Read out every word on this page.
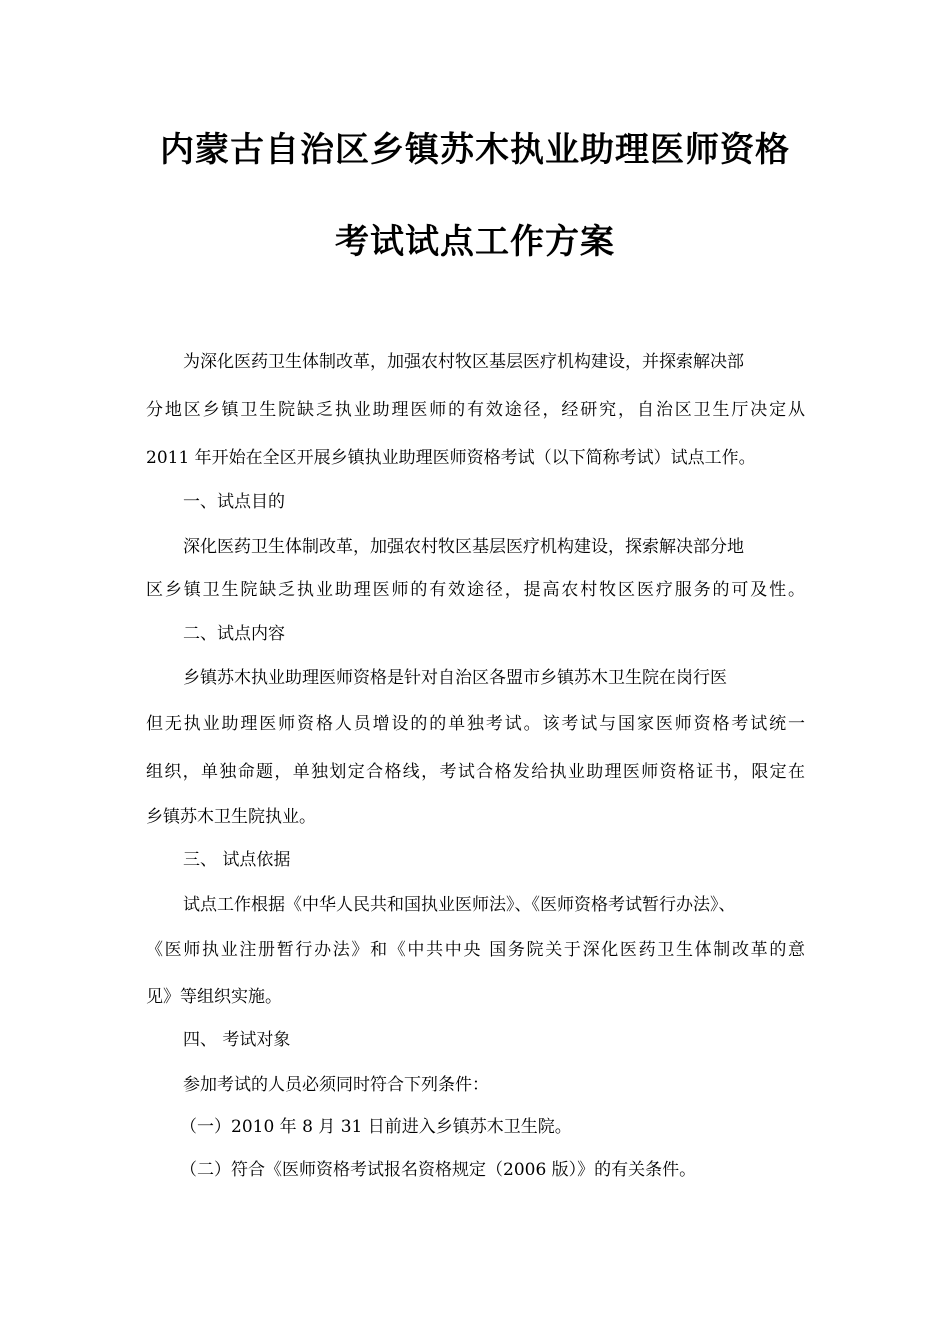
内蒙古自治区乡镇苏木执业助理医师资格
考试试点工作方案
为深化医药卫生体制改革，加强农村牧区基层医疗机构建设，并探索解决部
分地区乡镇卫生院缺乏执业助理医师的有效途径，经研究，自治区卫生厅决定从
2011 年开始在全区开展乡镇执业助理医师资格考试（以下简称考试）试点工作。
一、试点目的
深化医药卫生体制改革，加强农村牧区基层医疗机构建设，探索解决部分地
区乡镇卫生院缺乏执业助理医师的有效途径，提高农村牧区医疗服务的可及性。
二、试点内容
乡镇苏木执业助理医师资格是针对自治区各盟市乡镇苏木卫生院在岗行医
但无执业助理医师资格人员增设的的单独考试。该考试与国家医师资格考试统一
组织，单独命题，单独划定合格线，考试合格发给执业助理医师资格证书，限定在
乡镇苏木卫生院执业。
三、 试点依据
试点工作根据《中华人民共和国执业医师法》、《医师资格考试暂行办法》、
《医师执业注册暂行办法》和《中共中央 国务院关于深化医药卫生体制改革的意
见》等组织实施。
四、 考试对象
参加考试的人员必须同时符合下列条件：
（一）2010 年 8 月 31 日前进入乡镇苏木卫生院。
（二）符合《医师资格考试报名资格规定（2006 版）》的有关条件。
